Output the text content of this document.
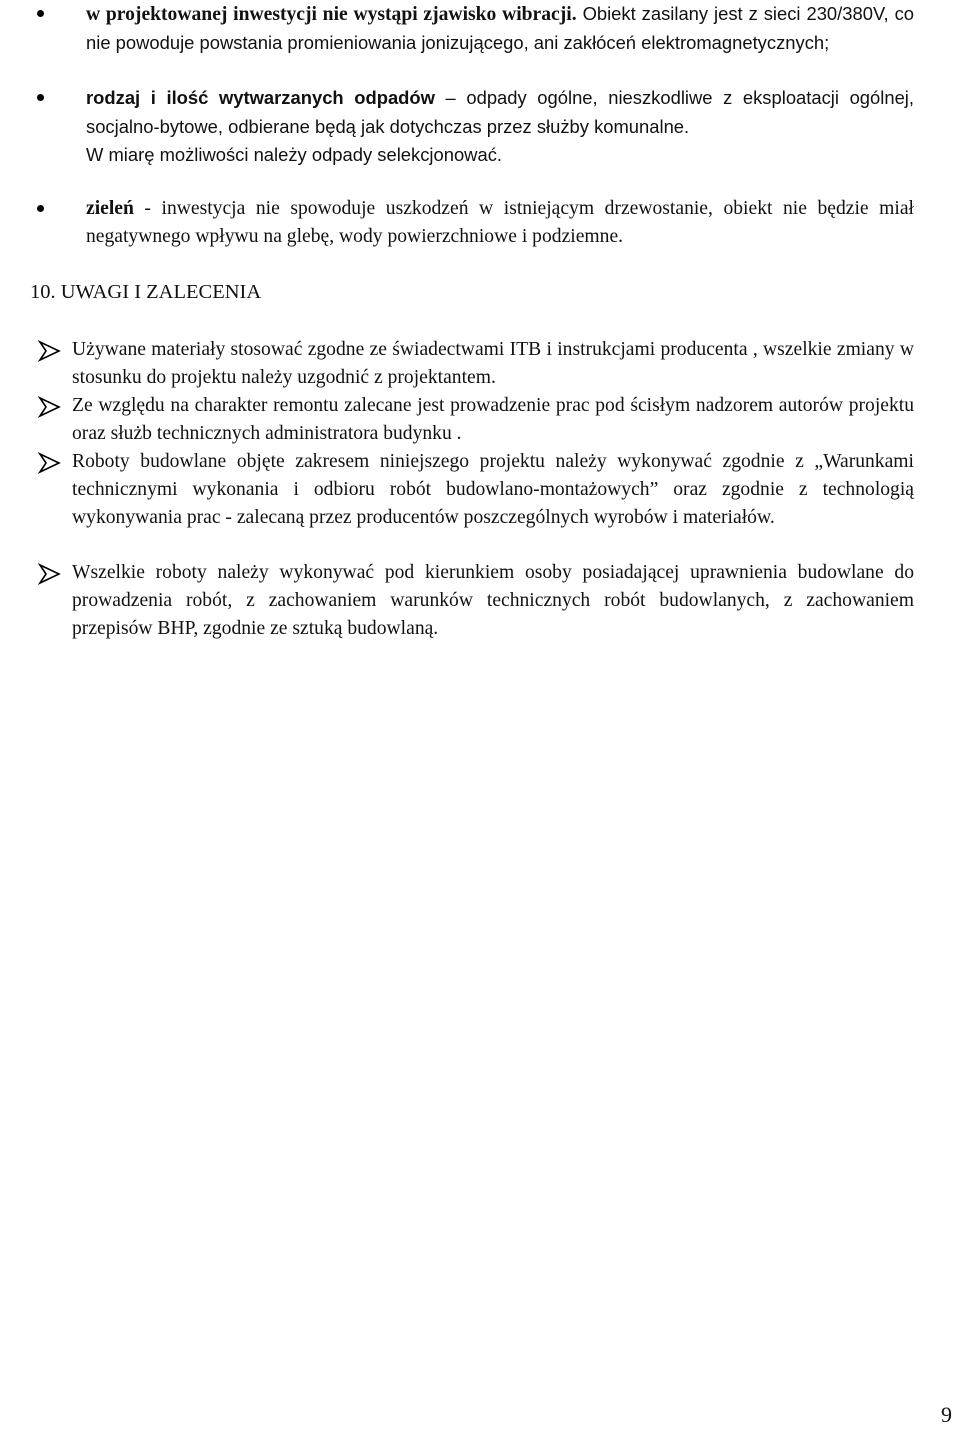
w projektowanej inwestycji nie wystąpi zjawisko wibracji. Obiekt zasilany jest z sieci 230/380V, co nie powoduje powstania promieniowania jonizującego, ani zakłóceń elektromagnetycznych;
rodzaj i ilość wytwarzanych odpadów – odpady ogólne, nieszkodliwe z eksploatacji ogólnej, socjalno-bytowe, odbierane będą jak dotychczas przez służby komunalne.
W miarę możliwości należy odpady selekcjonować.
zieleń - inwestycja nie spowoduje uszkodzeń w istniejącym drzewostanie, obiekt nie będzie miał negatywnego wpływu na glebę, wody powierzchniowe i podziemne.
10. UWAGI I ZALECENIA
Używane materiały stosować zgodne ze świadectwami ITB i instrukcjami producenta , wszelkie zmiany w stosunku do projektu należy uzgodnić z projektantem.
Ze względu na charakter remontu zalecane jest prowadzenie prac pod ścisłym nadzorem autorów projektu oraz służb technicznych administratora budynku .
Roboty budowlane objęte zakresem niniejszego projektu należy wykonywać zgodnie z „Warunkami technicznymi wykonania i odbioru robót budowlano-montażowych” oraz zgodnie z technologią wykonywania prac - zalecaną przez producentów poszczególnych wyrobów i materiałów.
Wszelkie roboty należy wykonywać pod kierunkiem osoby posiadającej uprawnienia budowlane do prowadzenia robót, z zachowaniem warunków technicznych robót budowlanych, z zachowaniem przepisów BHP, zgodnie ze sztuką budowlaną.
9
